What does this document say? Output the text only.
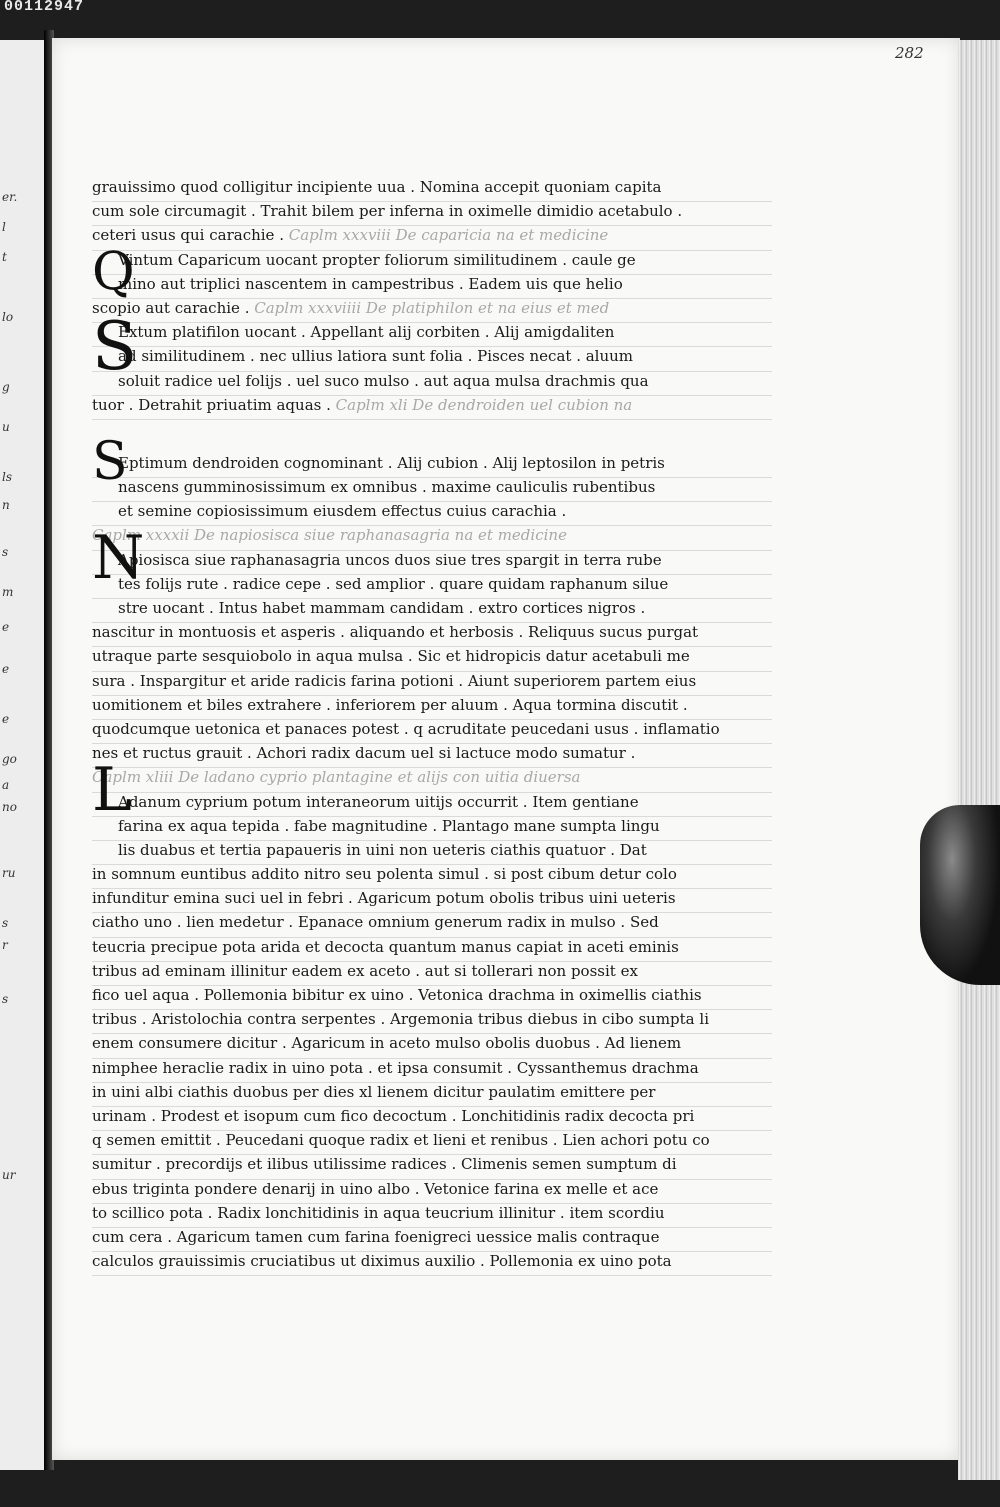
00112947
er.
l
t
lo
g
u
ls
n
s
m
e
e
e
go
a
no
ru
s
r
s
ur
282
grauissimo quod colligitur incipiente uua . Nomina accepit quoniam capita
cum sole circumagit . Trahit bilem per inferna in oximelle dimidio acetabulo .
ceteri usus qui carachie . Caplm xxxviii De caparicia na et medicine
Vintum Caparicum uocant propter foliorum similitudinem . caule ge
mino aut triplici nascentem in campestribus . Eadem uis que helio
scopio aut carachie . Caplm xxxviiii De platiphilon et na eius et med
Extum platifilon uocant . Appellant alij corbiten . Alij amigdaliten
ad similitudinem . nec ullius latiora sunt folia . Pisces necat . aluum
soluit radice uel folijs . uel suco mulso . aut aqua mulsa drachmis qua
tuor . Detrahit priuatim aquas . Caplm xli De dendroiden uel cubion na
Eptimum dendroiden cognominant . Alij cubion . Alij leptosilon in petris
nascens gumminosissimum ex omnibus . maxime cauliculis rubentibus
et semine copiosissimum eiusdem effectus cuius carachia .
Caplm xxxxii De napiosisca siue raphanasagria na et medicine
Apiosisca siue raphanasagria uncos duos siue tres spargit in terra rube
tes folijs rute . radice cepe . sed amplior . quare quidam raphanum silue
stre uocant . Intus habet mammam candidam . extro cortices nigros .
nascitur in montuosis et asperis . aliquando et herbosis . Reliquus sucus purgat
utraque parte sesquiobolo in aqua mulsa . Sic et hidropicis datur acetabuli me
sura . Inspargitur et aride radicis farina potioni . Aiunt superiorem partem eius
uomitionem et biles extrahere . inferiorem per aluum . Aqua tormina discutit .
quodcumque uetonica et panaces potest . q acruditate peucedani usus . inflamatio
nes et ructus grauit . Achori radix dacum uel si lactuce modo sumatur .
Caplm xliii De ladano cyprio plantagine et alijs con uitia diuersa
Adanum cyprium potum interaneorum uitijs occurrit . Item gentiane
farina ex aqua tepida . fabe magnitudine . Plantago mane sumpta lingu
lis duabus et tertia papaueris in uini non ueteris ciathis quatuor . Dat
in somnum euntibus addito nitro seu polenta simul . si post cibum detur colo
infunditur emina suci uel in febri . Agaricum potum obolis tribus uini ueteris
ciatho uno . lien medetur . Epanace omnium generum radix in mulso . Sed
teucria precipue pota arida et decocta quantum manus capiat in aceti eminis
tribus ad eminam illinitur eadem ex aceto . aut si tollerari non possit ex
fico uel aqua . Pollemonia bibitur ex uino . Vetonica drachma in oximellis ciathis
tribus . Aristolochia contra serpentes . Argemonia tribus diebus in cibo sumpta li
enem consumere dicitur . Agaricum in aceto mulso obolis duobus . Ad lienem
nimphee heraclie radix in uino pota . et ipsa consumit . Cyssanthemus drachma
in uini albi ciathis duobus per dies xl lienem dicitur paulatim emittere per
urinam . Prodest et isopum cum fico decoctum . Lonchitidinis radix decocta pri
q semen emittit . Peucedani quoque radix et lieni et renibus . Lien achori potu co
sumitur . precordijs et ilibus utilissime radices . Climenis semen sumptum di
ebus triginta pondere denarij in uino albo . Vetonice farina ex melle et ace
to scillico pota . Radix lonchitidinis in aqua teucrium illinitur . item scordiu
cum cera . Agaricum tamen cum farina foenigreci uessice malis contraque
calculos grauissimis cruciatibus ut diximus auxilio . Pollemonia ex uino pota
Q
S
S
N
L
